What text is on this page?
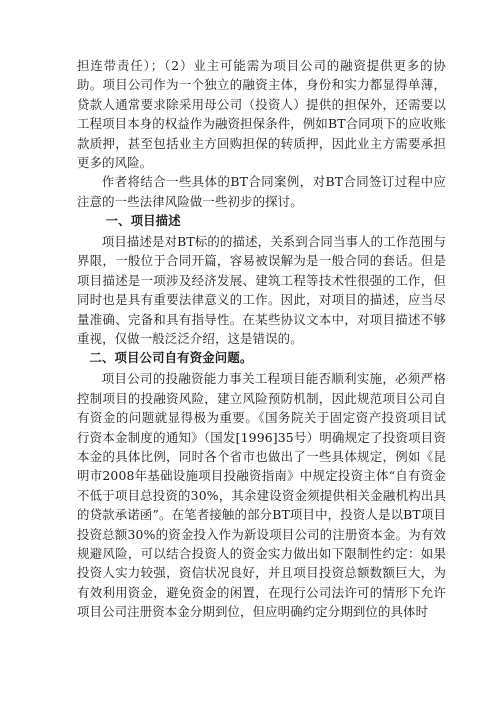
担连带责任）；（2）业主可能需为项目公司的融资提供更多的协助。项目公司作为一个独立的融资主体，身份和实力都显得单薄，贷款人通常要求除采用母公司（投资人）提供的担保外，还需要以工程项目本身的权益作为融资担保条件，例如BT合同项下的应收账款质押，甚至包括业主方回购担保的转质押，因此业主方需要承担更多的风险。

作者将结合一些具体的BT合同案例，对BT合同签订过程中应注意的一些法律风险做一些初步的探讨。

一、项目描述

项目描述是对BT标的的描述，关系到合同当事人的工作范围与界限，一般位于合同开篇，容易被误解为是一般合同的套话。但是项目描述是一项涉及经济发展、建筑工程等技术性很强的工作，但同时也是具有重要法律意义的工作。因此，对项目的描述，应当尽量准确、完备和具有指导性。在某些协议文本中，对项目描述不够重视，仅做一般泛泛介绍，这是错误的。

二、项目公司自有资金问题。

项目公司的投融资能力事关工程项目能否顺利实施，必须严格控制项目的投融资风险，建立风险预防机制，因此规范项目公司自有资金的问题就显得极为重要。《国务院关于固定资产投资项目试行资本金制度的通知》（国发[1996]35号）明确规定了投资项目资本金的具体比例，同时各个省市也做出了一些具体规定，例如《昆明市2008年基础设施项目投融资指南》中规定投资主体“自有资金不低于项目总投资的30%，其余建设资金须提供相关金融机构出具的贷款承诺函”。在笔者接触的部分BT项目中，投资人是以BT项目投资总额30%的资金投入作为新设项目公司的注册资本金。为有效规避风险，可以结合投资人的资金实力做出如下限制性约定：如果投资人实力较强，资信状况良好，并且项目投资总额数额巨大，为有效利用资金，避免资金的闲置，在现行公司法许可的情形下允许项目公司注册资本金分期到位，但应明确约定分期到位的具体时
